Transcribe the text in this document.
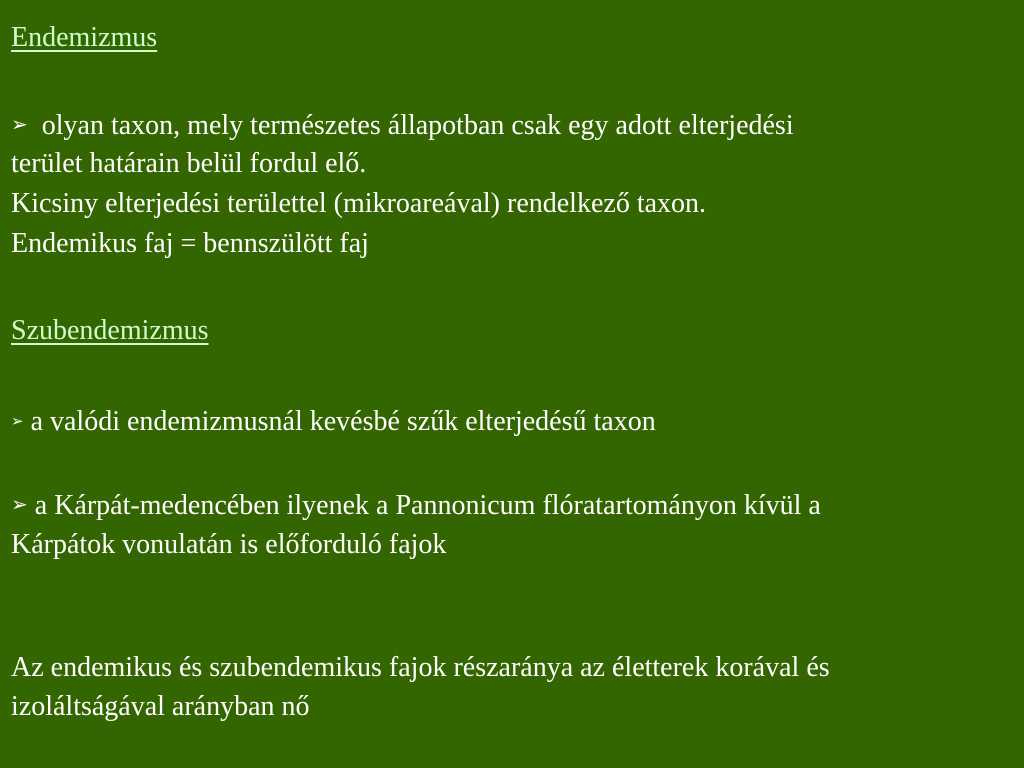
Endemizmus
➢ olyan taxon, mely természetes állapotban csak egy adott elterjedési
terület határain belül fordul elő.
Kicsiny elterjedési területtel (mikroareával) rendelkező taxon.
Endemikus faj = bennszülött faj
Szubendemizmus
➢ a valódi endemizmusnál kevésbé szűk elterjedésű taxon
➢ a Kárpát-medencében ilyenek a Pannonicum flóratartományon kívül a
Kárpátok vonulatán is előforduló fajok
Az endemikus és szubendemikus fajok részaránya az életterek korával és
izoláltságával arányban nő
